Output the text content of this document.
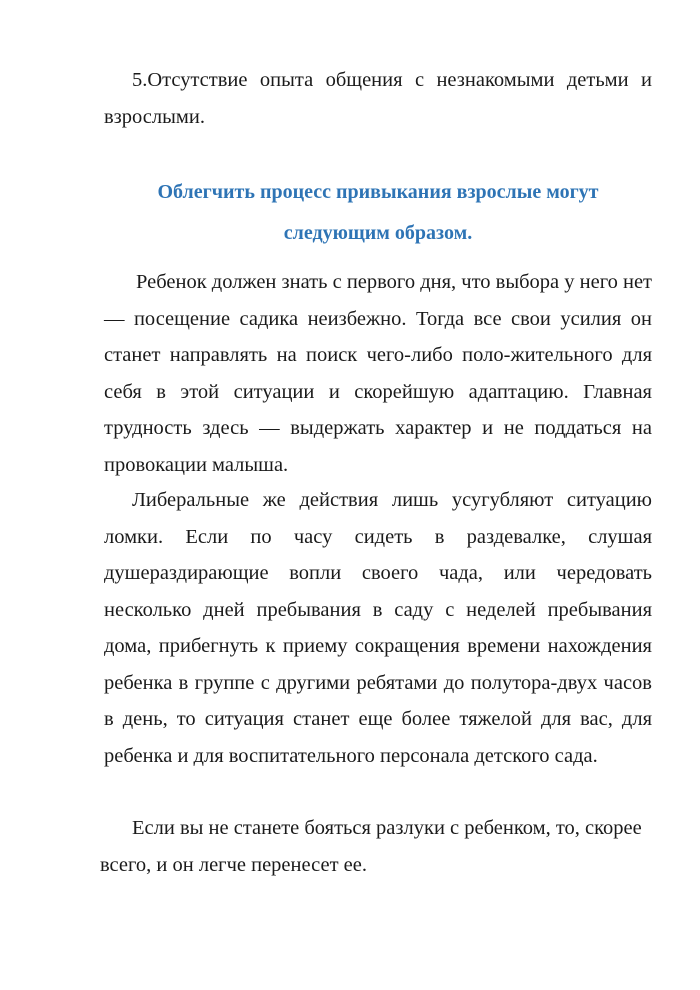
5.Отсутствие опыта общения с незнакомыми детьми и взрослыми.

Облегчить процесс привыкания взрослые могут следующим образом.

Ребенок должен знать с первого дня, что выбора у него нет — посещение садика неизбежно. Тогда все свои усилия он станет направлять на поиск чего-либо поло-жительного для себя в этой ситуации и скорейшую адаптацию. Главная трудность здесь — выдержать характер и не поддаться на провокации малыша.

Либеральные же действия лишь усугубляют ситуацию ломки. Если по часу сидеть в раздевалке, слушая душераздирающие вопли своего чада, или чередовать несколько дней пребывания в саду с неделей пребывания дома, прибегнуть к приему сокращения времени нахождения ребенка в группе с другими ребятами до полутора-двух часов в день, то ситуация станет еще более тяжелой для вас, для ребенка и для воспитательного персонала детского сада.

Если вы не станете бояться разлуки с ребенком, то, скорее всего, и он легче перенесет ее.
